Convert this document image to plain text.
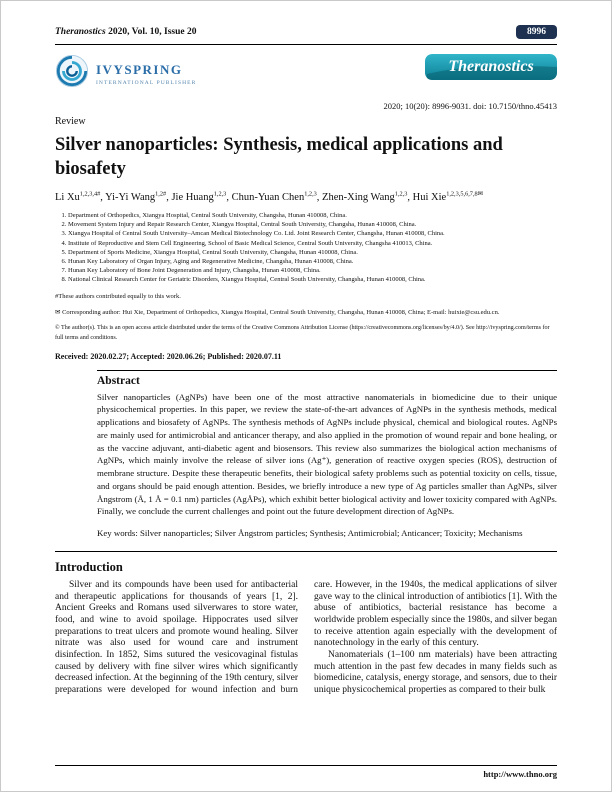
Theranostics 2020, Vol. 10, Issue 20	8996
IVYSPRING
INTERNATIONAL PUBLISHER
Theranostics
2020; 10(20): 8996-9031. doi: 10.7150/thno.45413
Review
Silver nanoparticles: Synthesis, medical applications and biosafety
Li $Xu^{1,2,3,4\#}$, Yi-Yi Wang$^{1,2\#}$, Jie Huang$^{1,2,3}$, Chun-Yuan Chen$^{1,2,3}$, Zhen-Xing Wang$^{1,2,3}$, Hui Xie$^{1,2,3,5,6,7,8✉}$
1. Department of Orthopedics, Xiangya Hospital, Central South University, Changsha, Hunan 410008, China.
2. Movement System Injury and Repair Research Center, Xiangya Hospital, Central South University, Changsha, Hunan 410008, China.
3. Xiangya Hospital of Central South University–Amcan Medical Biotechnology Co. Ltd. Joint Research Center, Changsha, Hunan 410008, China.
4. Institute of Reproductive and Stem Cell Engineering, School of Basic Medical Science, Central South University, Changsha 410013, China.
5. Department of Sports Medicine, Xiangya Hospital, Central South University, Changsha, Hunan 410008, China.
6. Hunan Key Laboratory of Organ Injury, Aging and Regenerative Medicine, Changsha, Hunan 410008, China.
7. Hunan Key Laboratory of Bone Joint Degeneration and Injury, Changsha, Hunan 410008, China.
8. National Clinical Research Center for Geriatric Disorders, Xiangya Hospital, Central South University, Changsha, Hunan 410008, China.
#These authors contributed equally to this work.
✉ Corresponding author: Hui Xie, Department of Orthopedics, Xiangya Hospital, Central South University, Changsha, Hunan 410008, China; E-mail: huixie@csu.edu.cn.
© The author(s). This is an open access article distributed under the terms of the Creative Commons Attribution License (https://creativecommons.org/licenses/by/4.0/). See http://ivyspring.com/terms for full terms and conditions.
Received: 2020.02.27; Accepted: 2020.06.26; Published: 2020.07.11
Abstract

Silver nanoparticles (AgNPs) have been one of the most attractive nanomaterials in biomedicine due to their unique physicochemical properties. In this paper, we review the state-of-the-art advances of AgNPs in the synthesis methods, medical applications and biosafety of AgNPs. The synthesis methods of AgNPs include physical, chemical and biological routes. AgNPs are mainly used for antimicrobial and anticancer therapy, and also applied in the promotion of wound repair and bone healing, or as the vaccine adjuvant, anti-diabetic agent and biosensors. This review also summarizes the biological action mechanisms of AgNPs, which mainly involve the release of silver ions (Ag⁺), generation of reactive oxygen species (ROS), destruction of membrane structure. Despite these therapeutic benefits, their biological safety problems such as potential toxicity on cells, tissue, and organs should be paid enough attention. Besides, we briefly introduce a new type of Ag particles smaller than AgNPs, silver Ångstrom (Å, 1 Å = 0.1 nm) particles (AgÅPs), which exhibit better biological activity and lower toxicity compared with AgNPs. Finally, we conclude the current challenges and point out the future development direction of AgNPs.

Key words: Silver nanoparticles; Silver Ångstrom particles; Synthesis; Antimicrobial; Anticancer; Toxicity; Mechanisms
Introduction

Silver and its compounds have been used for antibacterial and therapeutic applications for thousands of years [1, 2]. Ancient Greeks and Romans used silverwares to store water, food, and wine to avoid spoilage. Hippocrates used silver preparations to treat ulcers and promote wound healing. Silver nitrate was also used for wound care and instrument disinfection. In 1852, Sims sutured the vesicovaginal fistulas caused by delivery with fine silver wires which significantly decreased infection. At the beginning of the 19th century, silver preparations were developed for wound infection and burn care. However, in the 1940s, the medical applications of silver gave way to the clinical introduction of antibiotics [1]. With the abuse of antibiotics, bacterial resistance has become a worldwide problem especially since the 1980s, and silver began to receive attention again especially with the development of nanotechnology in the early of this century.

Nanomaterials (1–100 nm materials) have been attracting much attention in the past few decades in many fields such as biomedicine, catalysis, energy storage, and sensors, due to their unique physicochemical properties as compared to their bulk

http://www.thno.org
